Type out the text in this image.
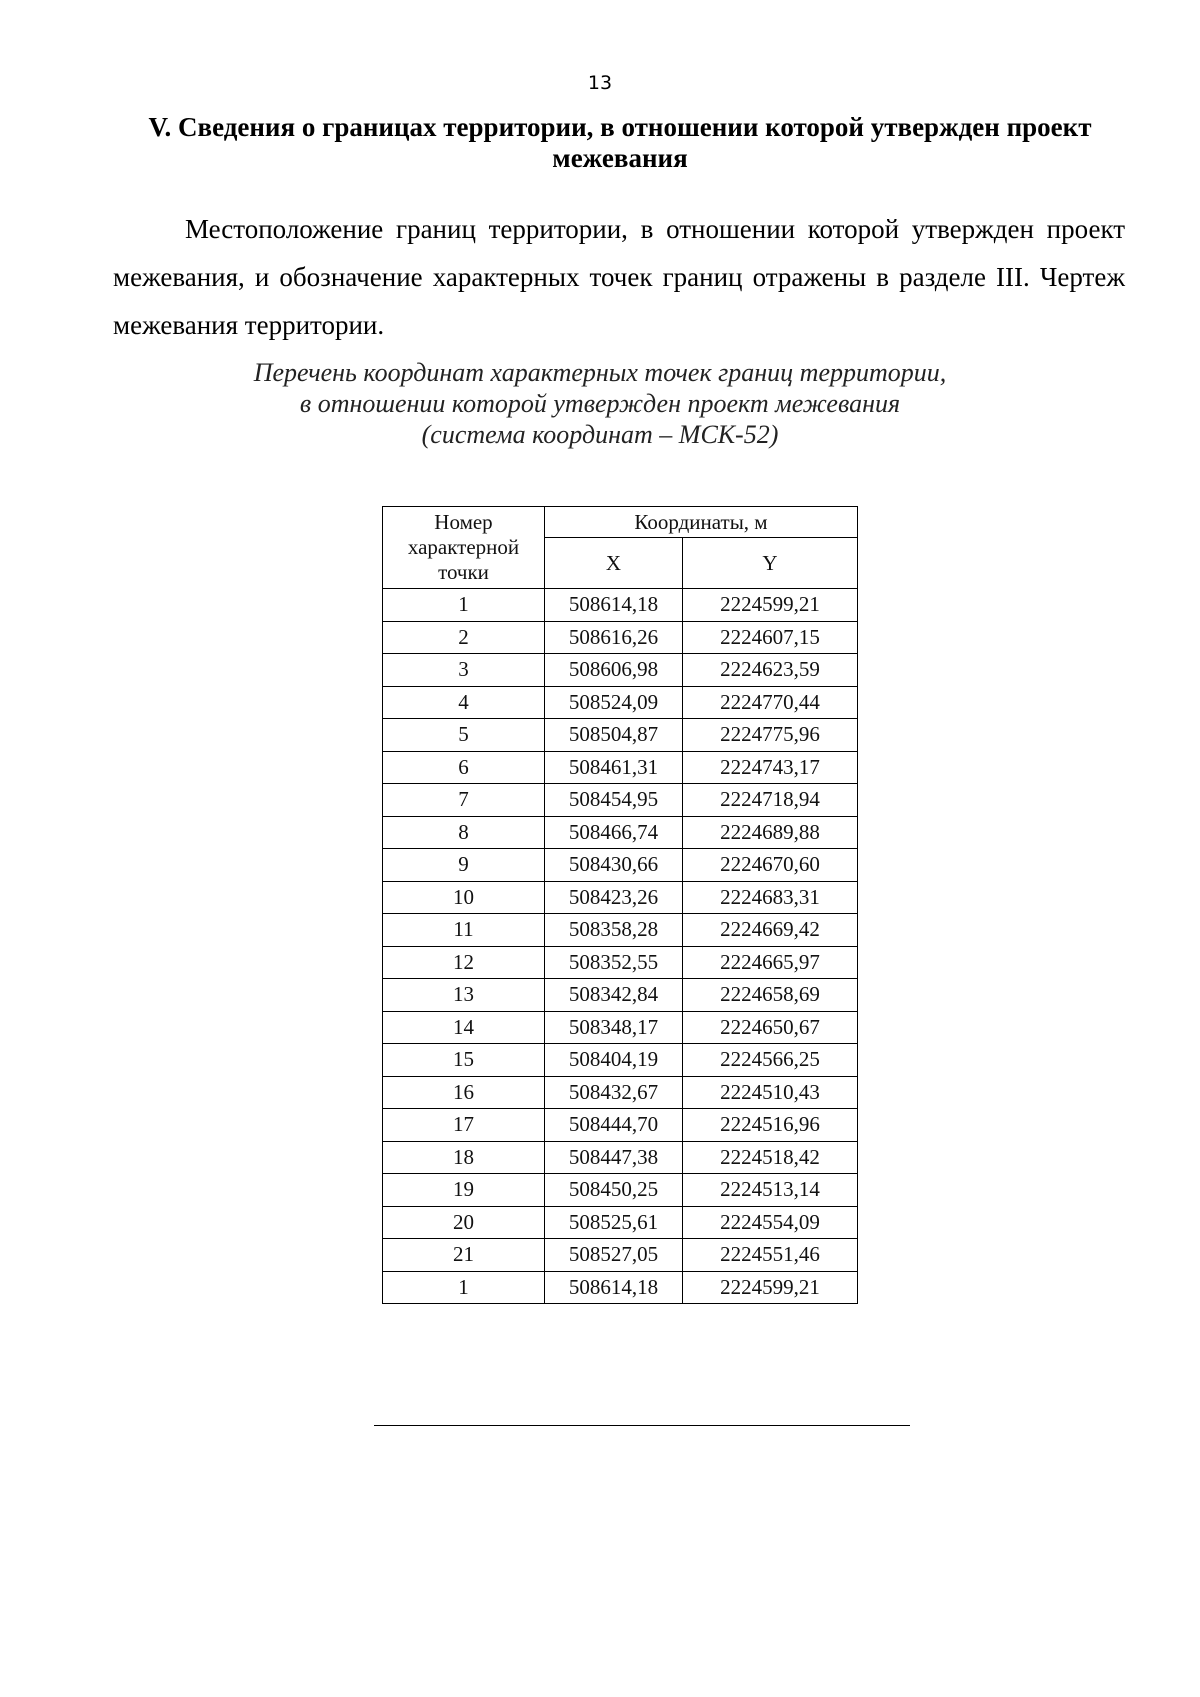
13
V. Сведения о границах территории, в отношении которой утвержден проект межевания

Местоположение границ территории, в отношении которой утвержден проект межевания, и обозначение характерных точек границ отражены в разделе III. Чертеж межевания территории.

Перечень координат характерных точек границ территории,
в отношении которой утвержден проект межевания
(система координат – МСК-52)
Номер характерной точки	Координаты, м	
	X	Y
1	508614,18	2224599,21
2	508616,26	2224607,15
3	508606,98	2224623,59
4	508524,09	2224770,44
5	508504,87	2224775,96
6	508461,31	2224743,17
7	508454,95	2224718,94
8	508466,74	2224689,88
9	508430,66	2224670,60
10	508423,26	2224683,31
11	508358,28	2224669,42
12	508352,55	2224665,97
13	508342,84	2224658,69
14	508348,17	2224650,67
15	508404,19	2224566,25
16	508432,67	2224510,43
17	508444,70	2224516,96
18	508447,38	2224518,42
19	508450,25	2224513,14
20	508525,61	2224554,09
21	508527,05	2224551,46
1	508614,18	2224599,21
